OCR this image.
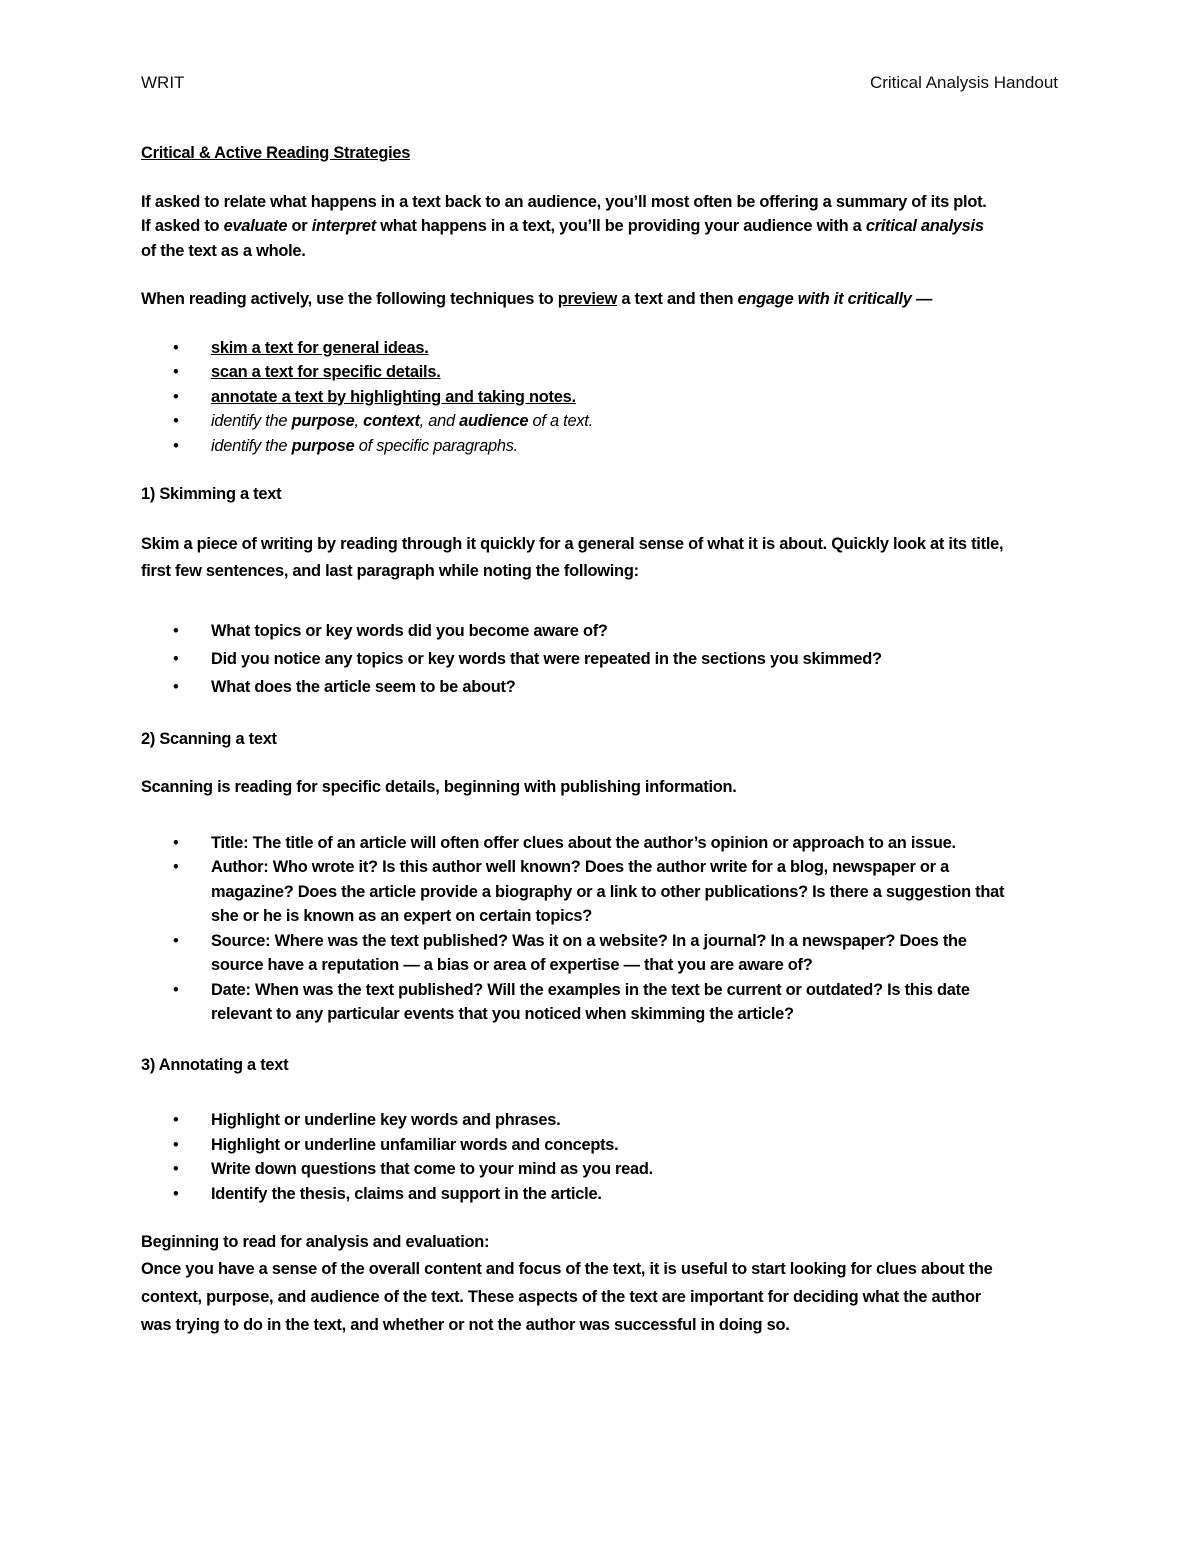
WRIT	Critical Analysis Handout

Critical & Active Reading Strategies

If asked to relate what happens in a text back to an audience, you’ll most often be offering a summary of its plot.
If asked to evaluate or interpret what happens in a text, you’ll be providing your audience with a critical analysis
of the text as a whole.

When reading actively, use the following techniques to preview a text and then engage with it critically —

• skim a text for general ideas.
• scan a text for specific details.
• annotate a text by highlighting and taking notes.
• identify the purpose, context, and audience of a text.
• identify the purpose of specific paragraphs.

1) Skimming a text

Skim a piece of writing by reading through it quickly for a general sense of what it is about. Quickly look at its title,
first few sentences, and last paragraph while noting the following:

• What topics or key words did you become aware of?
• Did you notice any topics or key words that were repeated in the sections you skimmed?
• What does the article seem to be about?

2) Scanning a text

Scanning is reading for specific details, beginning with publishing information.

• Title: The title of an article will often offer clues about the author’s opinion or approach to an issue.
• Author: Who wrote it? Is this author well known? Does the author write for a blog, newspaper or a
magazine? Does the article provide a biography or a link to other publications? Is there a suggestion that
she or he is known as an expert on certain topics?
• Source: Where was the text published? Was it on a website? In a journal? In a newspaper? Does the
source have a reputation — a bias or area of expertise — that you are aware of?
• Date: When was the text published? Will the examples in the text be current or outdated? Is this date
relevant to any particular events that you noticed when skimming the article?

3) Annotating a text

• Highlight or underline key words and phrases.
• Highlight or underline unfamiliar words and concepts.
• Write down questions that come to your mind as you read.
• Identify the thesis, claims and support in the article.

Beginning to read for analysis and evaluation:

Once you have a sense of the overall content and focus of the text, it is useful to start looking for clues about the
context, purpose, and audience of the text. These aspects of the text are important for deciding what the author
was trying to do in the text, and whether or not the author was successful in doing so.
